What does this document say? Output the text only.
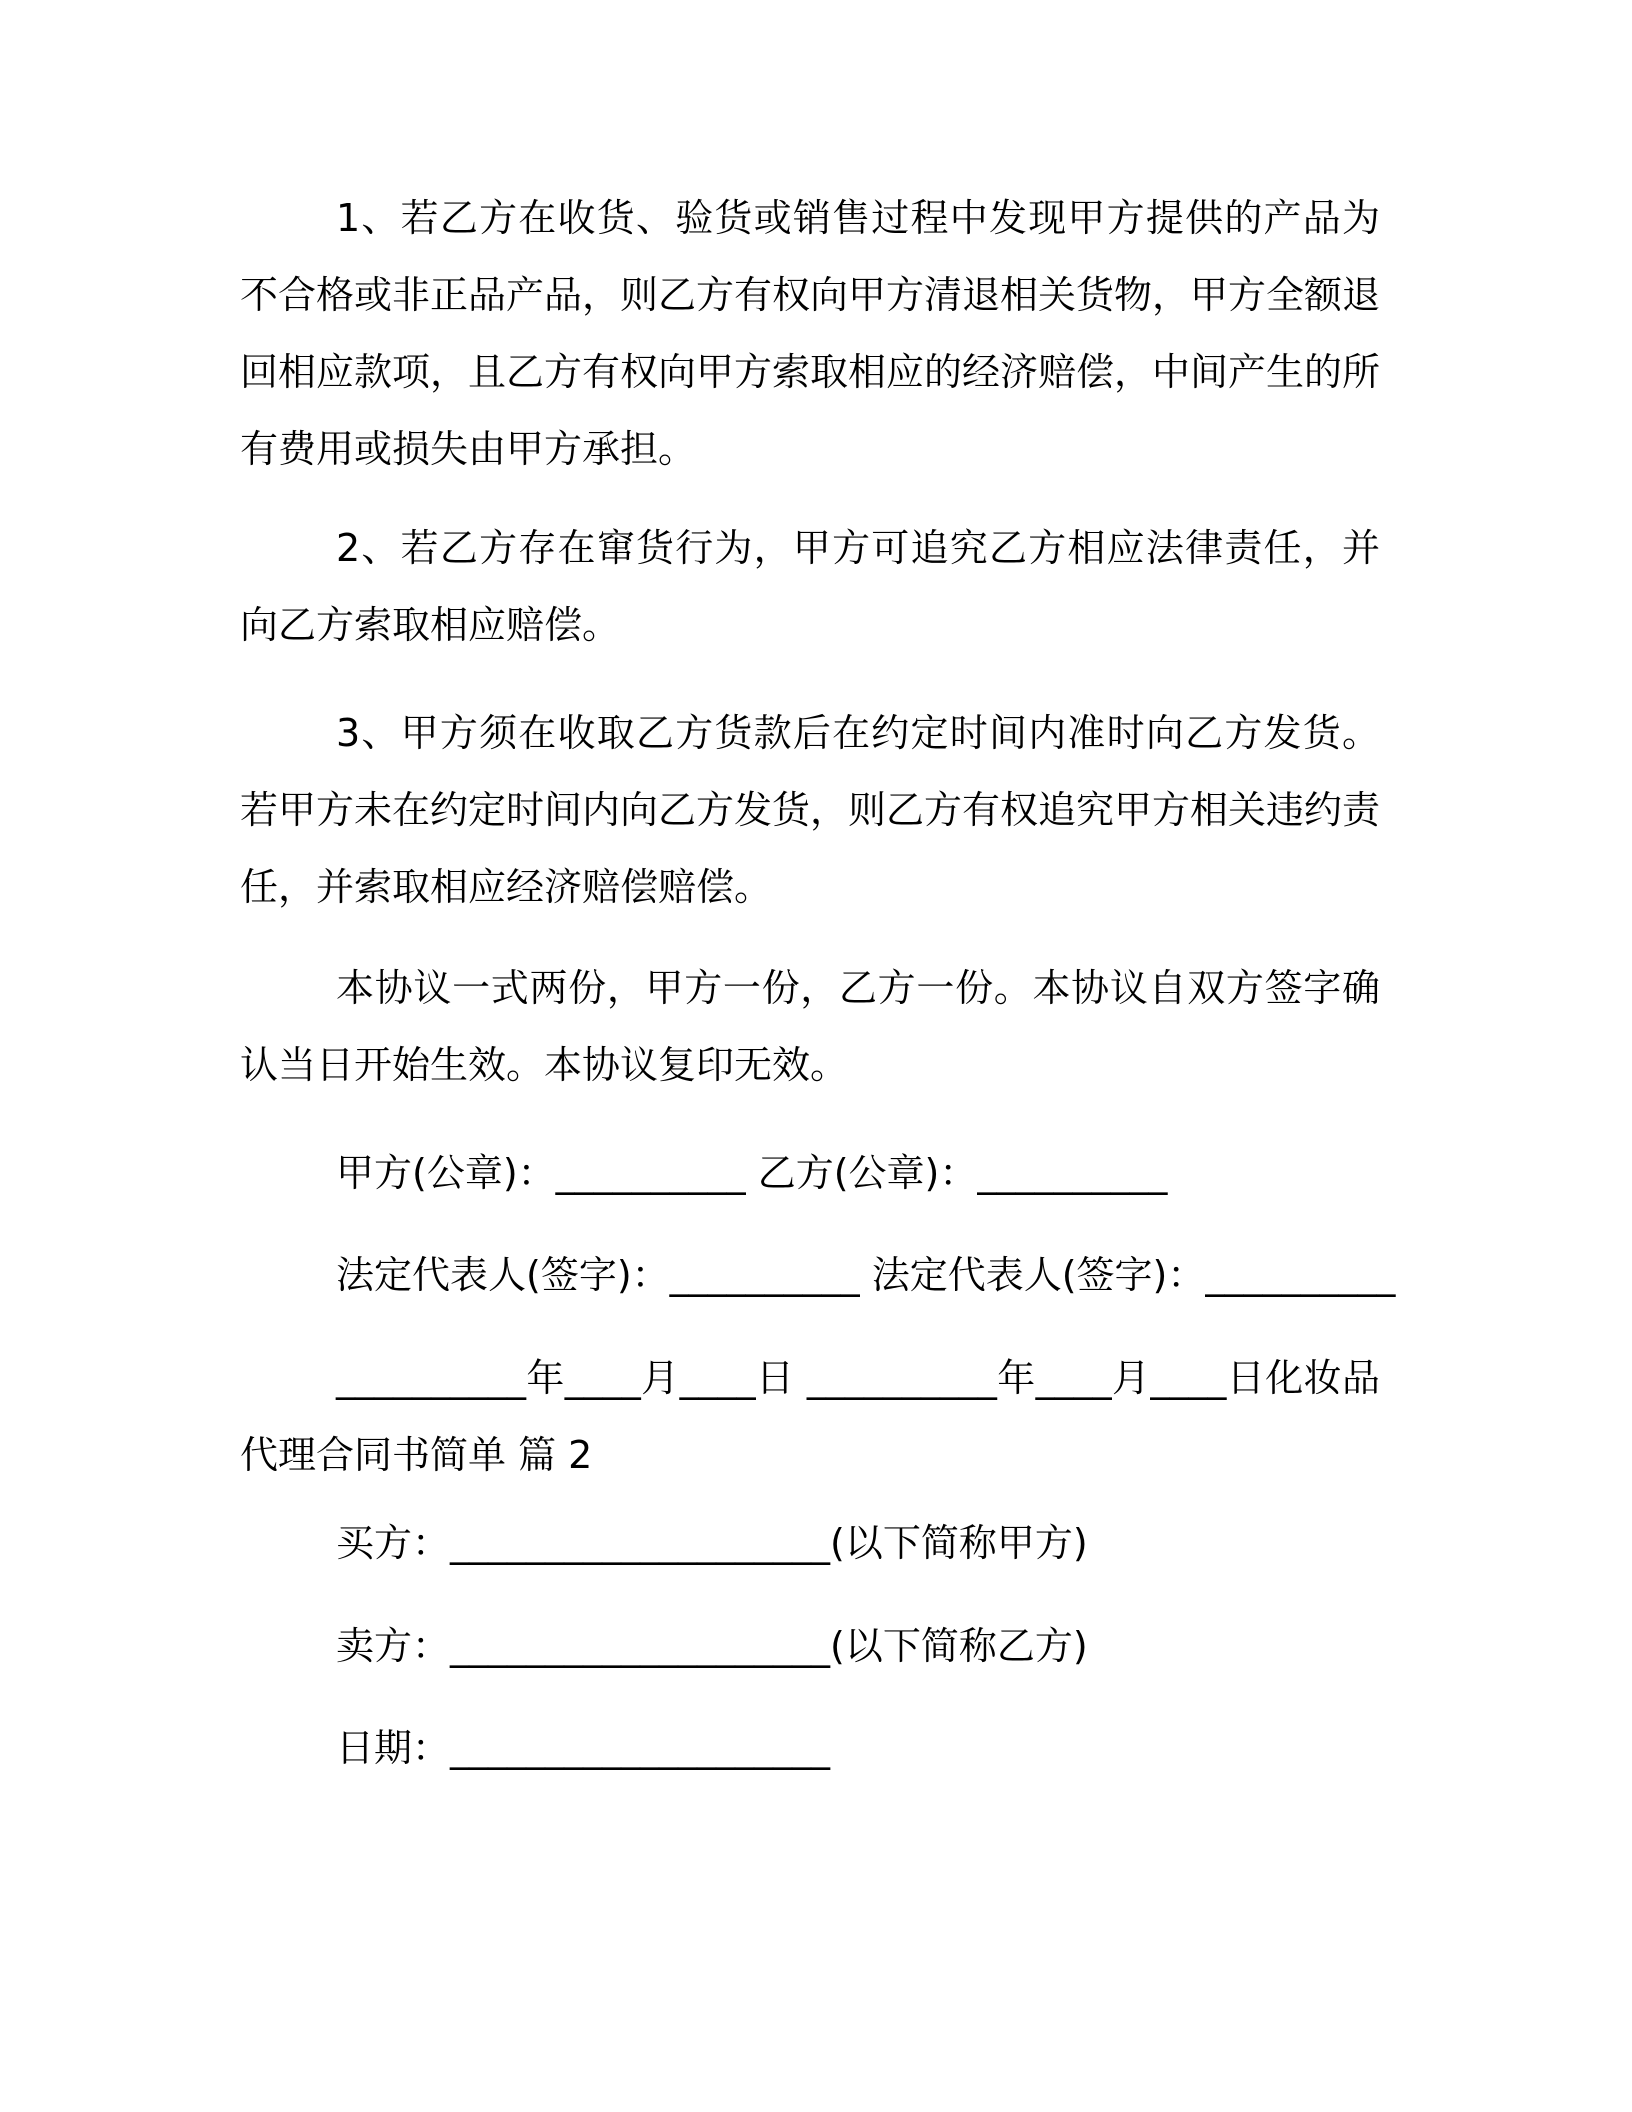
1、若乙方在收货、验货或销售过程中发现甲方提供的产品为不合格或非正品产品，则乙方有权向甲方清退相关货物，甲方全额退回相应款项，且乙方有权向甲方索取相应的经济赔偿，中间产生的所有费用或损失由甲方承担。

2、若乙方存在窜货行为，甲方可追究乙方相应法律责任，并向乙方索取相应赔偿。

3、甲方须在收取乙方货款后在约定时间内准时向乙方发货。若甲方未在约定时间内向乙方发货，则乙方有权追究甲方相关违约责任，并索取相应经济赔偿赔偿。

本协议一式两份，甲方一份，乙方一份。本协议自双方签字确认当日开始生效。本协议复印无效。

甲方(公章)：__________ 乙方(公章)：__________

法定代表人(签字)：__________ 法定代表人(签字)：__________

__________年____月____日 __________年____月____日化妆品代理合同书简单 篇 2

买方：____________________(以下简称甲方)

卖方：____________________(以下简称乙方)

日期：____________________
